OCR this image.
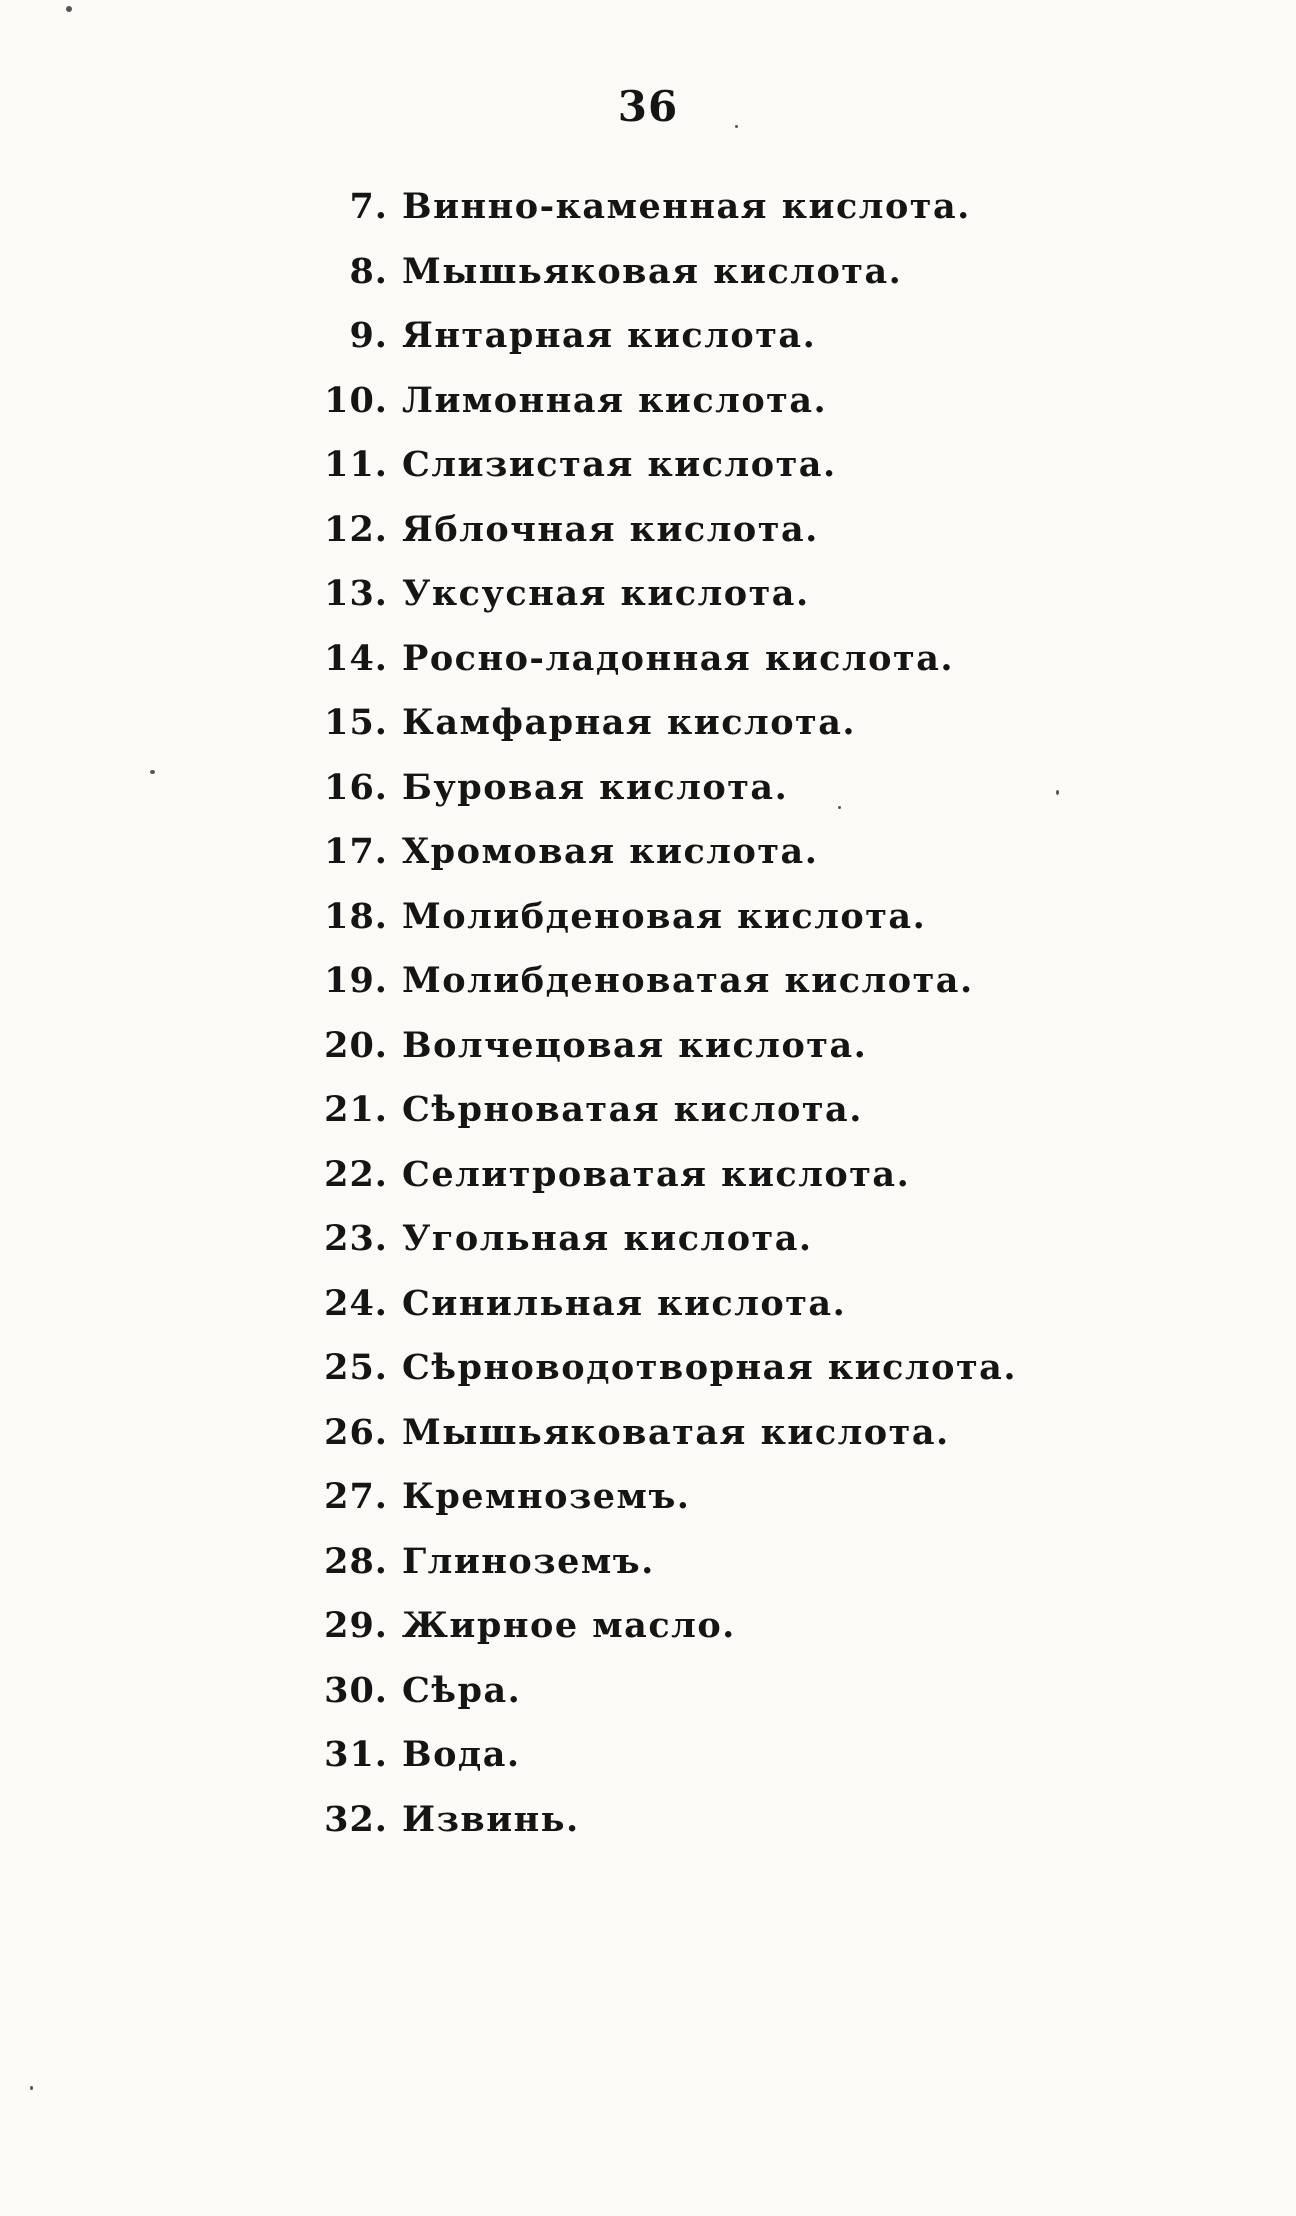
36
7. Винно-каменная кислота.
8. Мышьяковая кислота.
9. Янтарная кислота.
10. Лимонная кислота.
11. Слизистая кислота.
12. Яблочная кислота.
13. Уксусная кислота.
14. Росно-ладонная кислота.
15. Камфарная кислота.
16. Буровая кислота.
17. Хромовая кислота.
18. Молибденовая кислота.
19. Молибденоватая кислота.
20. Волчецовая кислота.
21. Сѣрноватая кислота.
22. Селитроватая кислота.
23. Угольная кислота.
24. Синильная кислота.
25. Сѣрноводотворная кислота.
26. Мышьяковатая кислота.
27. Кремноземъ.
28. Глиноземъ.
29. Жирное масло.
30. Сѣра.
31. Вода.
32. Извинь.
